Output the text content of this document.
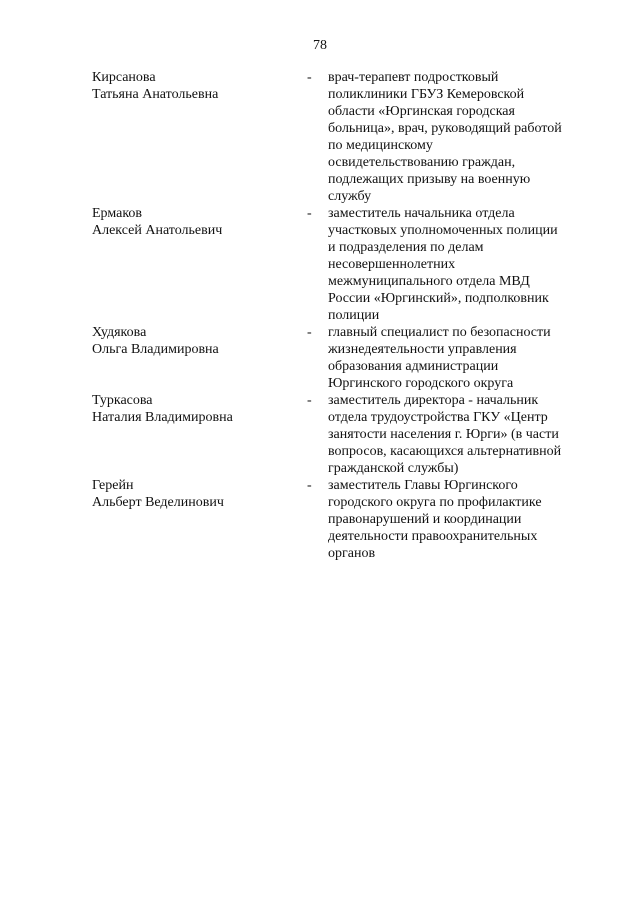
78
Кирсанова
Татьяна Анатольевна
- врач-терапевт подростковый
поликлиники ГБУЗ Кемеровской
области «Юргинская городская
больница», врач, руководящий работой
по медицинскому
освидетельствованию граждан,
подлежащих призыву на военную
службу
Ермаков
Алексей Анатольевич
- заместитель начальника отдела
участковых уполномоченных полиции
и подразделения по делам
несовершеннолетних
межмуниципального отдела МВД
России «Юргинский», подполковник
полиции
Худякова
Ольга Владимировна
- главный специалист по безопасности
жизнедеятельности управления
образования администрации
Юргинского городского округа
Туркасова
Наталия Владимировна
- заместитель директора - начальник
отдела трудоустройства ГКУ «Центр
занятости населения г. Юрги» (в части
вопросов, касающихся альтернативной
гражданской службы)
Герейн
Альберт Веделинович
- заместитель Главы Юргинского
городского округа по профилактике
правонарушений и координации
деятельности правоохранительных
органов
